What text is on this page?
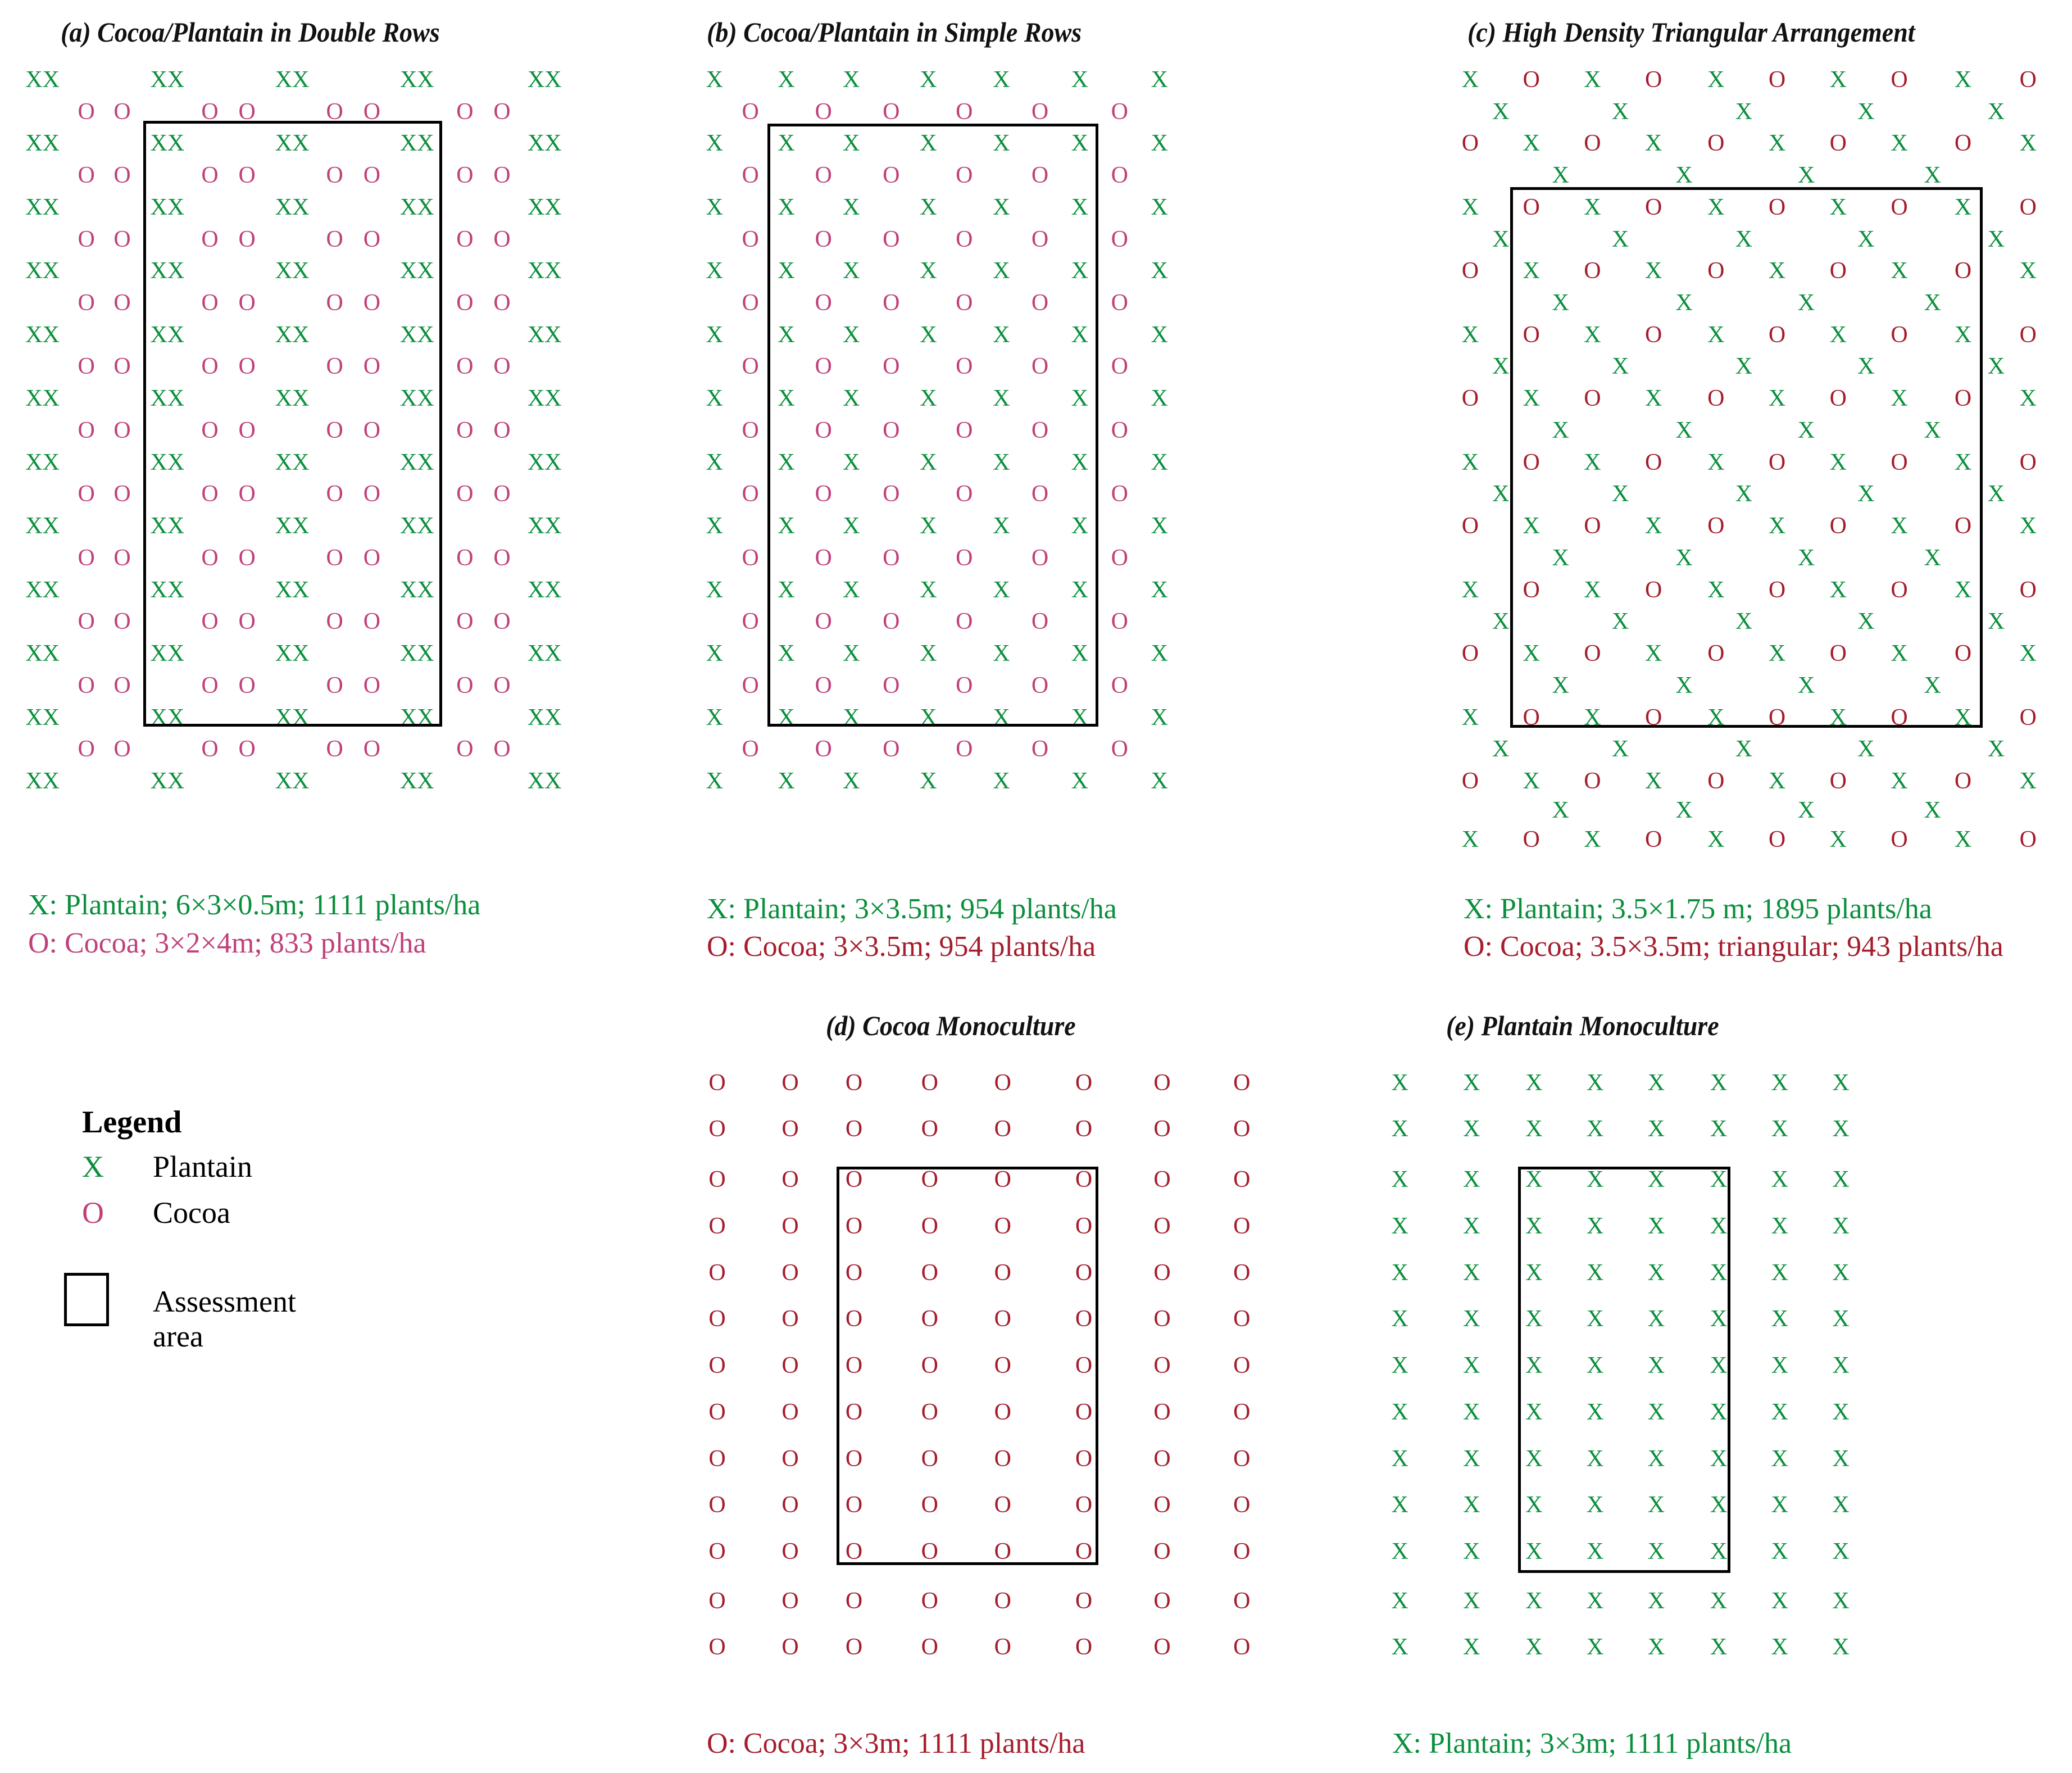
(a) Cocoa/Plantain in Double Rows	(b) Cocoa/Plantain in Simple Rows	(c) High Density Triangular Arrangement
(d) Cocoa Monoculture	(e) Plantain Monoculture
XX	XX	XX	XX	XX
XX	XX	XX	XX	XX
XX	XX	XX	XX	XX
XX	XX	XX	XX	XX
XX	XX	XX	XX	XX
XX	XX	XX	XX	XX
XX	XX	XX	XX	XX
XX	XX	XX	XX	XX
XX	XX	XX	XX	XX
XX	XX	XX	XX	XX
XX	XX	XX	XX	XX
XX	XX	XX	XX	XX
O O	O O	O O	O O
O O	O O	O O	O O
O O	O O	O O	O O
O O	O O	O O	O O
O O	O O	O O	O O
O O	O O	O O	O O
O O	O O	O O	O O
O O	O O	O O	O O
O O	O O	O O	O O
O O	O O	O O	O O
O O	O O	O O	O O
X X X	X X	X	X
X X X	X X	X	X
X X X	X X	X	X
X X X	X X	X	X
X X X	X X	X	X
X X X	X X	X	X
X X X	X X	X	X
X X X	X X	X	X
X X X	X X	X	X
X X X	X X	X	X
X X X	X X	X	X
X X X	X X	X	X
O O O O O	O
O O O O O	O
O O O O O	O
O O O O O	O
O O O O O	O
O O O O O	O
O O O O O	O
O O O O O	O
O O O O O	O
O O O O O	O
O O O O O	O
X O X O X O X O X O
O X O X O X O X O X
X O X O X O X O X O
O X O X O X O X O X
X O X O X O X O X O
O X O X O X O X O X
X O X O X O X O X O
O X O X O X O X O X
X O X O X O X O X O
O X O X O X O X O X
X O X O X O X O X O
O X O X O X O X O X
X O X O X O X O X O
X	X	X	X	X
X	X	X	X
X	X	X	X	X
X	X	X	X
X	X	X	X	X
X	X	X	X
X	X	X	X	X
X	X	X	X
X	X	X	X	X
X	X	X	X
X	X	X	X	X
X	X	X	X
O O O O O	O	O	O
O O O O O	O	O	O
O O O O O	O	O	O
O O O O O	O	O	O
O O O O O	O	O	O
O O O O O	O	O	O
O O O O O	O	O	O
O O O O O	O	O	O
O O O O O	O	O	O
O O O O O	O	O	O
O O O O O	O	O	O
O O O O O	O	O	O
O O O O O	O	O	O
X X X X X X X X
X X X X X X X X
X X X X X X X X
X X X X X X X X
X X X X X X X X
X X X X X X X X
X X X X X X X X
X X X X X X X X
X X X X X X X X
X X X X X X X X
X X X X X X X X
X X X X X X X X
X X X X X X X X
X: Plantain; 6×3×0.5m; 1111 plants/ha
O: Cocoa; 3×2×4m; 833 plants/ha
X: Plantain; 3×3.5m; 954 plants/ha
O: Cocoa; 3×3.5m; 954 plants/ha
X: Plantain; 3.5×1.75 m; 1895 plants/ha
O: Cocoa; 3.5×3.5m; triangular; 943 plants/ha
O: Cocoa; 3×3m; 1111 plants/ha	X: Plantain; 3×3m; 1111 plants/ha
Legend
X Plantain
O Cocoa
Assessment area
